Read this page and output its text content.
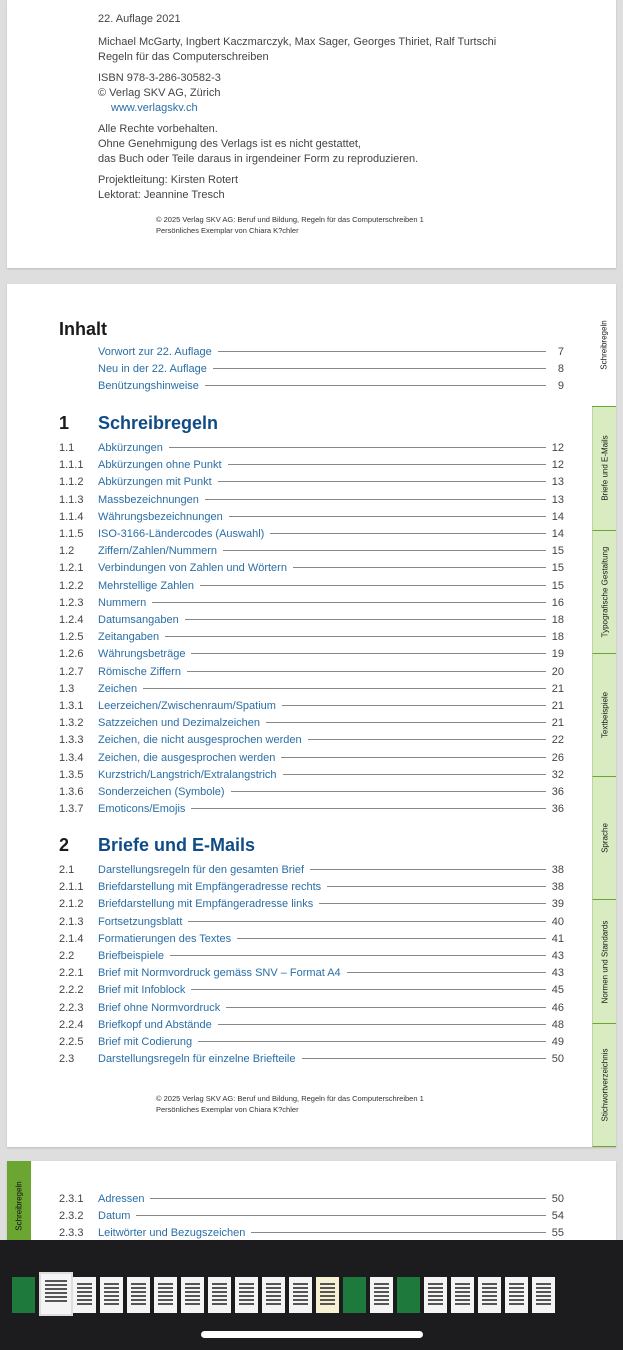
22. Auflage 2021
Michael McGarty, Ingbert Kaczmarczyk, Max Sager, Georges Thiriet, Ralf Turtschi
Regeln für das Computerschreiben
ISBN 978-3-286-30582-3
© Verlag SKV AG, Zürich
www.verlagskv.ch
Alle Rechte vorbehalten.
Ohne Genehmigung des Verlags ist es nicht gestattet,
das Buch oder Teile daraus in irgendeiner Form zu reproduzieren.
Projektleitung: Kirsten Rotert
Lektorat: Jeannine Tresch
© 2025 Verlag SKV AG: Beruf und Bildung, Regeln für das Computerschreiben 1
Persönliches Exemplar von Chiara K?chler
Inhalt
Vorwort zur 22. Auflage	7
Neu in der 22. Auflage	8
Benützungshinweise	9
1 Schreibregeln
1.1	Abkürzungen	12
1.1.1	Abkürzungen ohne Punkt	12
1.1.2	Abkürzungen mit Punkt	13
1.1.3	Massbezeichnungen	13
1.1.4	Währungsbezeichnungen	14
1.1.5	ISO-3166-Ländercodes (Auswahl)	14
1.2	Ziffern/Zahlen/Nummern	15
1.2.1	Verbindungen von Zahlen und Wörtern	15
1.2.2	Mehrstellige Zahlen	15
1.2.3	Nummern	16
1.2.4	Datumsangaben	18
1.2.5	Zeitangaben	18
1.2.6	Währungsbeträge	19
1.2.7	Römische Ziffern	20
1.3	Zeichen	21
1.3.1	Leerzeichen/Zwischenraum/Spatium	21
1.3.2	Satzzeichen und Dezimalzeichen	21
1.3.3	Zeichen, die nicht ausgesprochen werden	22
1.3.4	Zeichen, die ausgesprochen werden	26
1.3.5	Kurzstrich/Langstrich/Extralangstrich	32
1.3.6	Sonderzeichen (Symbole)	36
1.3.7	Emoticons/Emojis	36
2 Briefe und E-Mails
2.1	Darstellungsregeln für den gesamten Brief	38
2.1.1	Briefdarstellung mit Empfängeradresse rechts	38
2.1.2	Briefdarstellung mit Empfängeradresse links	39
2.1.3	Fortsetzungsblatt	40
2.1.4	Formatierungen des Textes	41
2.2	Briefbeispiele	43
2.2.1	Brief mit Normvordruck gemäss SNV – Format A4	43
2.2.2	Brief mit Infoblock	45
2.2.3	Brief ohne Normvordruck	46
2.2.4	Briefkopf und Abstände	48
2.2.5	Brief mit Codierung	49
2.3	Darstellungsregeln für einzelne Briefteile	50
© 2025 Verlag SKV AG: Beruf und Bildung, Regeln für das Computerschreiben 1
Persönliches Exemplar von Chiara K?chler
Schreibregeln
Briefe und E-Mails
Typografische Gestaltung
Textbeispiele
Sprache
Normen und Standards
Stichwortverzeichnis
Schreibregeln	2.3.1	Adressen	50
2.3.2	Datum	54
2.3.3	Leitwörter und Bezugszeichen	55
